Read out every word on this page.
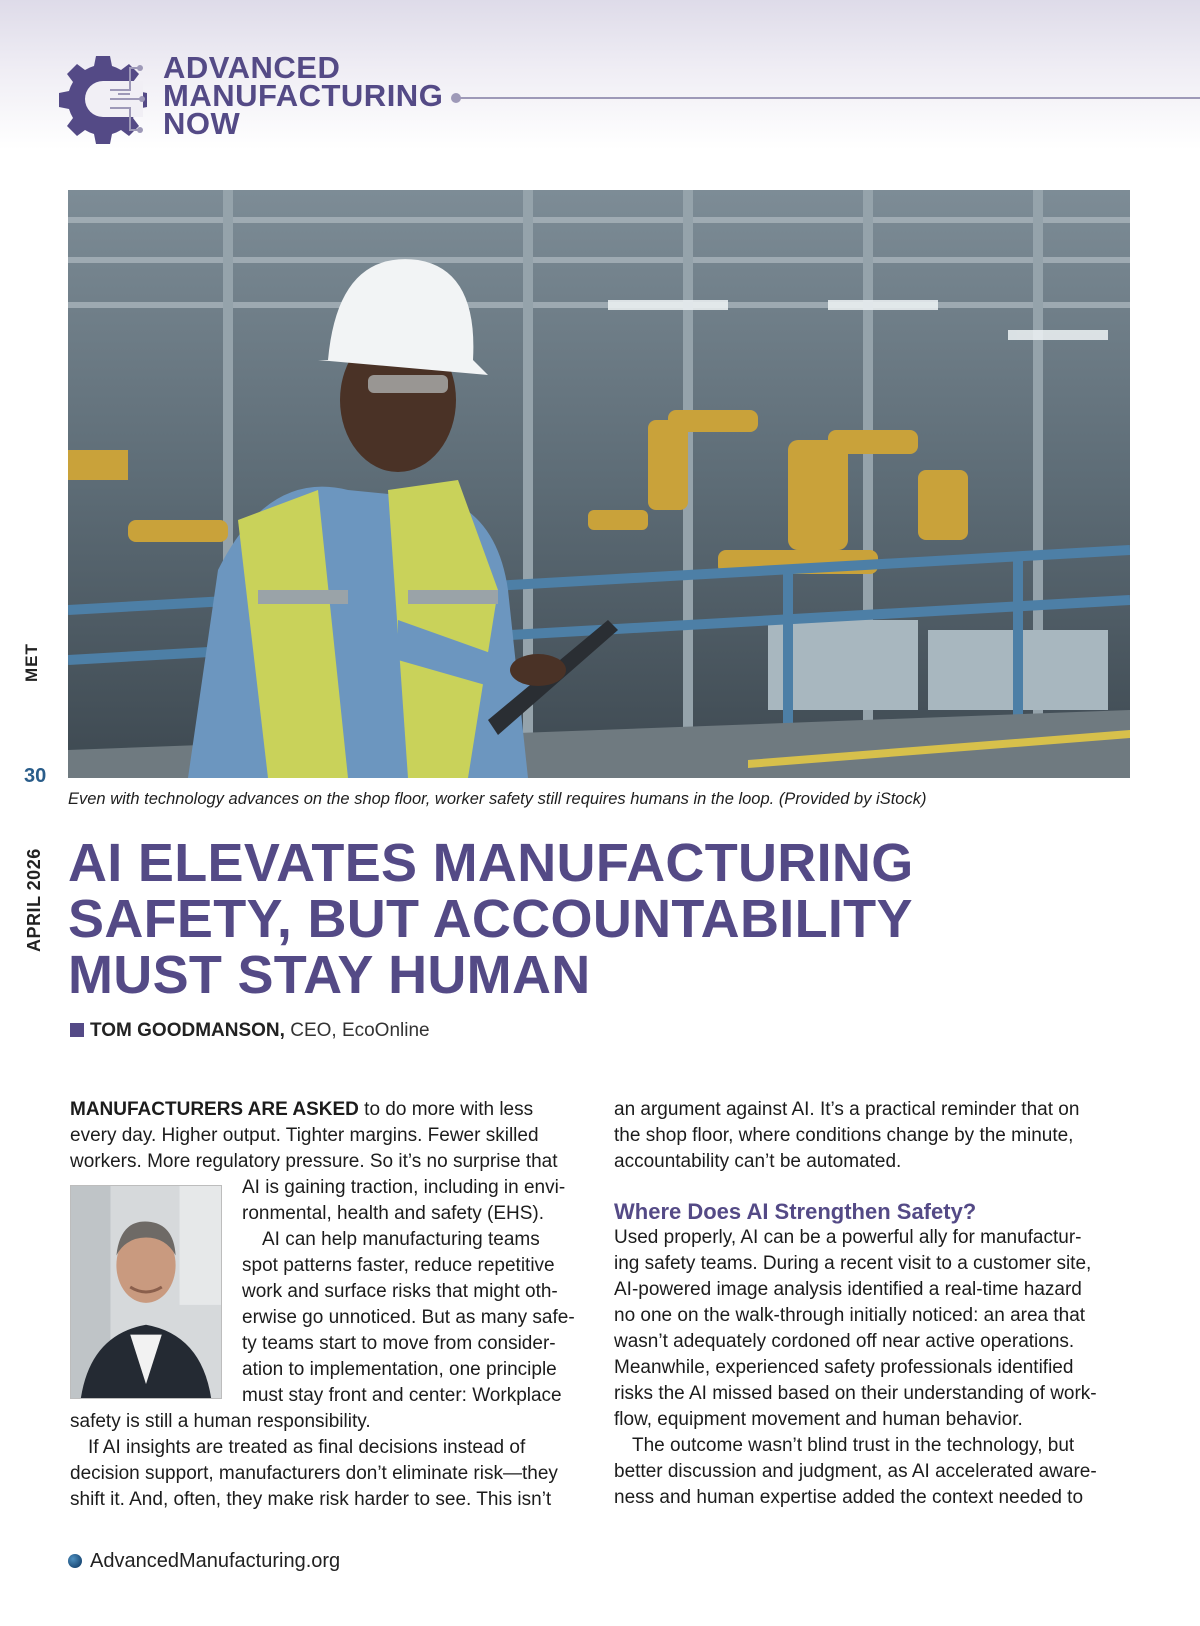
ADVANCED
MANUFACTURING
NOW
MET
30
APRIL 2026
Even with technology advances on the shop floor, worker safety still requires humans in the loop. (Provided by iStock)
AI ELEVATES MANUFACTURING
SAFETY, BUT ACCOUNTABILITY
MUST STAY HUMAN
TOM GOODMANSON, CEO, EcoOnline
MANUFACTURERS ARE ASKED to do more with less
every day. Higher output. Tighter margins. Fewer skilled
workers. More regulatory pressure. So it’s no surprise that
AI is gaining traction, including in envi-
ronmental, health and safety (EHS).
AI can help manufacturing teams
spot patterns faster, reduce repetitive
work and surface risks that might oth-
erwise go unnoticed. But as many safe-
ty teams start to move from consider-
ation to implementation, one principle
must stay front and center: Workplace
safety is still a human responsibility.
If AI insights are treated as final decisions instead of
decision support, manufacturers don’t eliminate risk—they
shift it. And, often, they make risk harder to see. This isn’t
an argument against AI. It’s a practical reminder that on
the shop floor, where conditions change by the minute,
accountability can’t be automated.
Where Does AI Strengthen Safety?
Used properly, AI can be a powerful ally for manufactur-
ing safety teams. During a recent visit to a customer site,
AI-powered image analysis identified a real-time hazard
no one on the walk-through initially noticed: an area that
wasn’t adequately cordoned off near active operations.
Meanwhile, experienced safety professionals identified
risks the AI missed based on their understanding of work-
flow, equipment movement and human behavior.
The outcome wasn’t blind trust in the technology, but
better discussion and judgment, as AI accelerated aware-
ness and human expertise added the context needed to
AdvancedManufacturing.org
